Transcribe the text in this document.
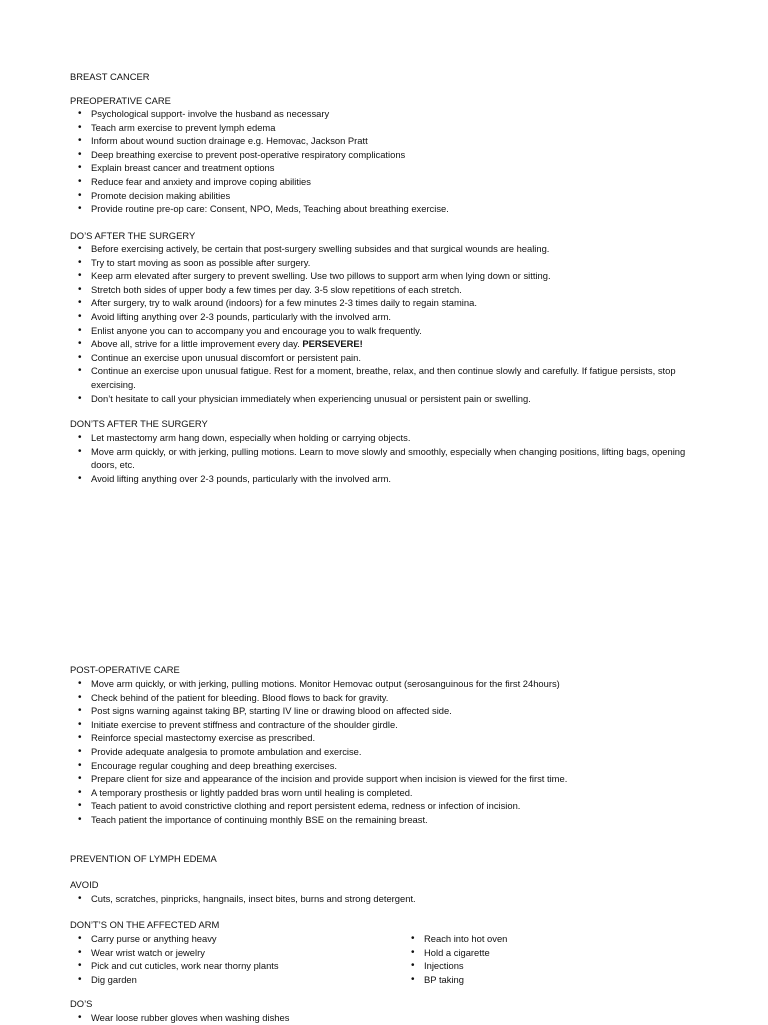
BREAST CANCER
PREOPERATIVE CARE
• Psychological support- involve the husband as necessary
• Teach arm exercise to prevent lymph edema
• Inform about wound suction drainage e.g. Hemovac, Jackson Pratt
• Deep breathing exercise to prevent post-operative respiratory complications
• Explain breast cancer and treatment options
• Reduce fear and anxiety and improve coping abilities
• Promote decision making abilities
• Provide routine pre-op care: Consent, NPO, Meds, Teaching about breathing exercise.
DO’S AFTER THE SURGERY
• Before exercising actively, be certain that post-surgery swelling subsides and that surgical wounds are healing.
• Try to start moving as soon as possible after surgery.
• Keep arm elevated after surgery to prevent swelling. Use two pillows to support arm when lying down or sitting.
• Stretch both sides of upper body a few times per day. 3-5 slow repetitions of each stretch.
• After surgery, try to walk around (indoors) for a few minutes 2-3 times daily to regain stamina.
• Avoid lifting anything over 2-3 pounds, particularly with the involved arm.
• Enlist anyone you can to accompany you and encourage you to walk frequently.
• Above all, strive for a little improvement every day. PERSEVERE!
• Continue an exercise upon unusual discomfort or persistent pain.
• Continue an exercise upon unusual fatigue. Rest for a moment, breathe, relax, and then continue slowly and carefully. If fatigue persists, stop exercising.
• Don’t hesitate to call your physician immediately when experiencing unusual or persistent pain or swelling.
DON’TS AFTER THE SURGERY
• Let mastectomy arm hang down, especially when holding or carrying objects.
• Move arm quickly, or with jerking, pulling motions. Learn to move slowly and smoothly, especially when changing positions, lifting bags, opening doors, etc.
• Avoid lifting anything over 2-3 pounds, particularly with the involved arm.
POST-OPERATIVE CARE
• Move arm quickly, or with jerking, pulling motions. Monitor Hemovac output (serosanguinous for the first 24hours)
• Check behind of the patient for bleeding. Blood flows to back for gravity.
• Post signs warning against taking BP, starting IV line or drawing blood on affected side.
• Initiate exercise to prevent stiffness and contracture of the shoulder girdle.
• Reinforce special mastectomy exercise as prescribed.
• Provide adequate analgesia to promote ambulation and exercise.
• Encourage regular coughing and deep breathing exercises.
• Prepare client for size and appearance of the incision and provide support when incision is viewed for the first time.
• A temporary prosthesis or lightly padded bras worn until healing is completed.
• Teach patient to avoid constrictive clothing and report persistent edema, redness or infection of incision.
• Teach patient the importance of continuing monthly BSE on the remaining breast.
PREVENTION OF LYMPH EDEMA
AVOID
• Cuts, scratches, pinpricks, hangnails, insect bites, burns and strong detergent.
DON’T’S ON THE AFFECTED ARM
• Carry purse or anything heavy
• Wear wrist watch or jewelry
• Pick and cut cuticles, work near thorny plants
• Dig garden
• Reach into hot oven
• Hold a cigarette
• Injections
• BP taking
DO’S
• Wear loose rubber gloves when washing dishes
